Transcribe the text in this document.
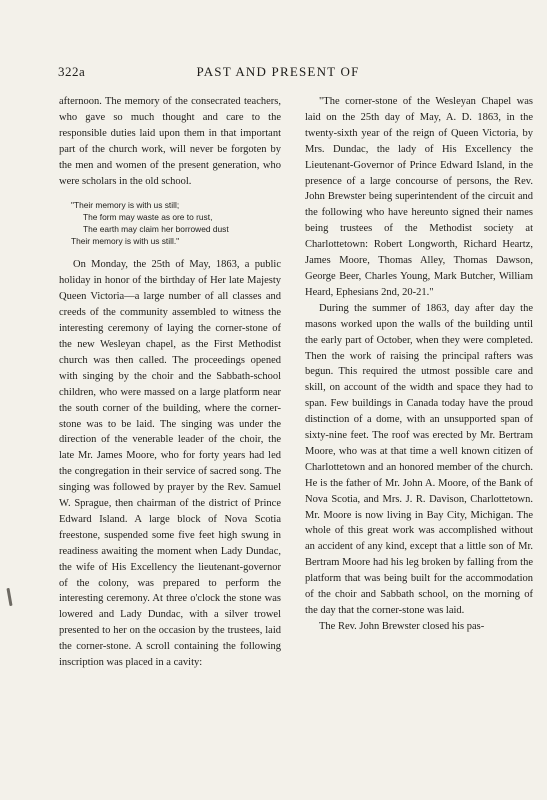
322a	PAST AND PRESENT OF

afternoon. The memory of the consecrated teachers, who gave so much thought and care to the responsible duties laid upon them in that important part of the church work, will never be forgoten by the men and women of the present generation, who were scholars in the old school.

"Their memory is with us still;
The form may waste as ore to rust,
The earth may claim her borrowed dust
Their memory is with us still."

On Monday, the 25th of May, 1863, a public holiday in honor of the birthday of Her late Majesty Queen Victoria—a large number of all classes and creeds of the community assembled to witness the interesting ceremony of laying the corner-stone of the new Wesleyan chapel, as the First Methodist church was then called. The proceedings opened with singing by the choir and the Sabbath-school children, who were massed on a large platform near the south corner of the building, where the corner-stone was to be laid. The singing was under the direction of the venerable leader of the choir, the late Mr. James Moore, who for forty years had led the congregation in their service of sacred song. The singing was followed by prayer by the Rev. Samuel W. Sprague, then chairman of the district of Prince Edward Island. A large block of Nova Scotia freestone, suspended some five feet high swung in readiness awaiting the moment when Lady Dundac, the wife of His Excellency the lieutenant-governor of the colony, was prepared to perform the interesting ceremony. At three o'clock the stone was lowered and Lady Dundac, with a silver trowel presented to her on the occasion by the trustees, laid the corner-stone. A scroll containing the following inscription was placed in a cavity:

"The corner-stone of the Wesleyan Chapel was laid on the 25th day of May, A. D. 1863, in the twenty-sixth year of the reign of Queen Victoria, by Mrs. Dundac, the lady of His Excellency the Lieutenant-Governor of Prince Edward Island, in the presence of a large concourse of persons, the Rev. John Brewster being superintendent of the circuit and the following who have hereunto signed their names being trustees of the Methodist society at Charlottetown: Robert Longworth, Richard Heartz, James Moore, Thomas Alley, Thomas Dawson, George Beer, Charles Young, Mark Butcher, William Heard, Ephesians 2nd, 20-21."

During the summer of 1863, day after day the masons worked upon the walls of the building until the early part of October, when they were completed. Then the work of raising the principal rafters was begun. This required the utmost possible care and skill, on account of the width and space they had to span. Few buildings in Canada today have the proud distinction of a dome, with an unsupported span of sixty-nine feet. The roof was erected by Mr. Bertram Moore, who was at that time a well known citizen of Charlottetown and an honored member of the church. He is the father of Mr. John A. Moore, of the Bank of Nova Scotia, and Mrs. J. R. Davison, Charlottetown. Mr. Moore is now living in Bay City, Michigan. The whole of this great work was accomplished without an accident of any kind, except that a little son of Mr. Bertram Moore had his leg broken by falling from the platform that was being built for the accommodation of the choir and Sabbath school, on the morning of the day that the corner-stone was laid.

The Rev. John Brewster closed his pas-
